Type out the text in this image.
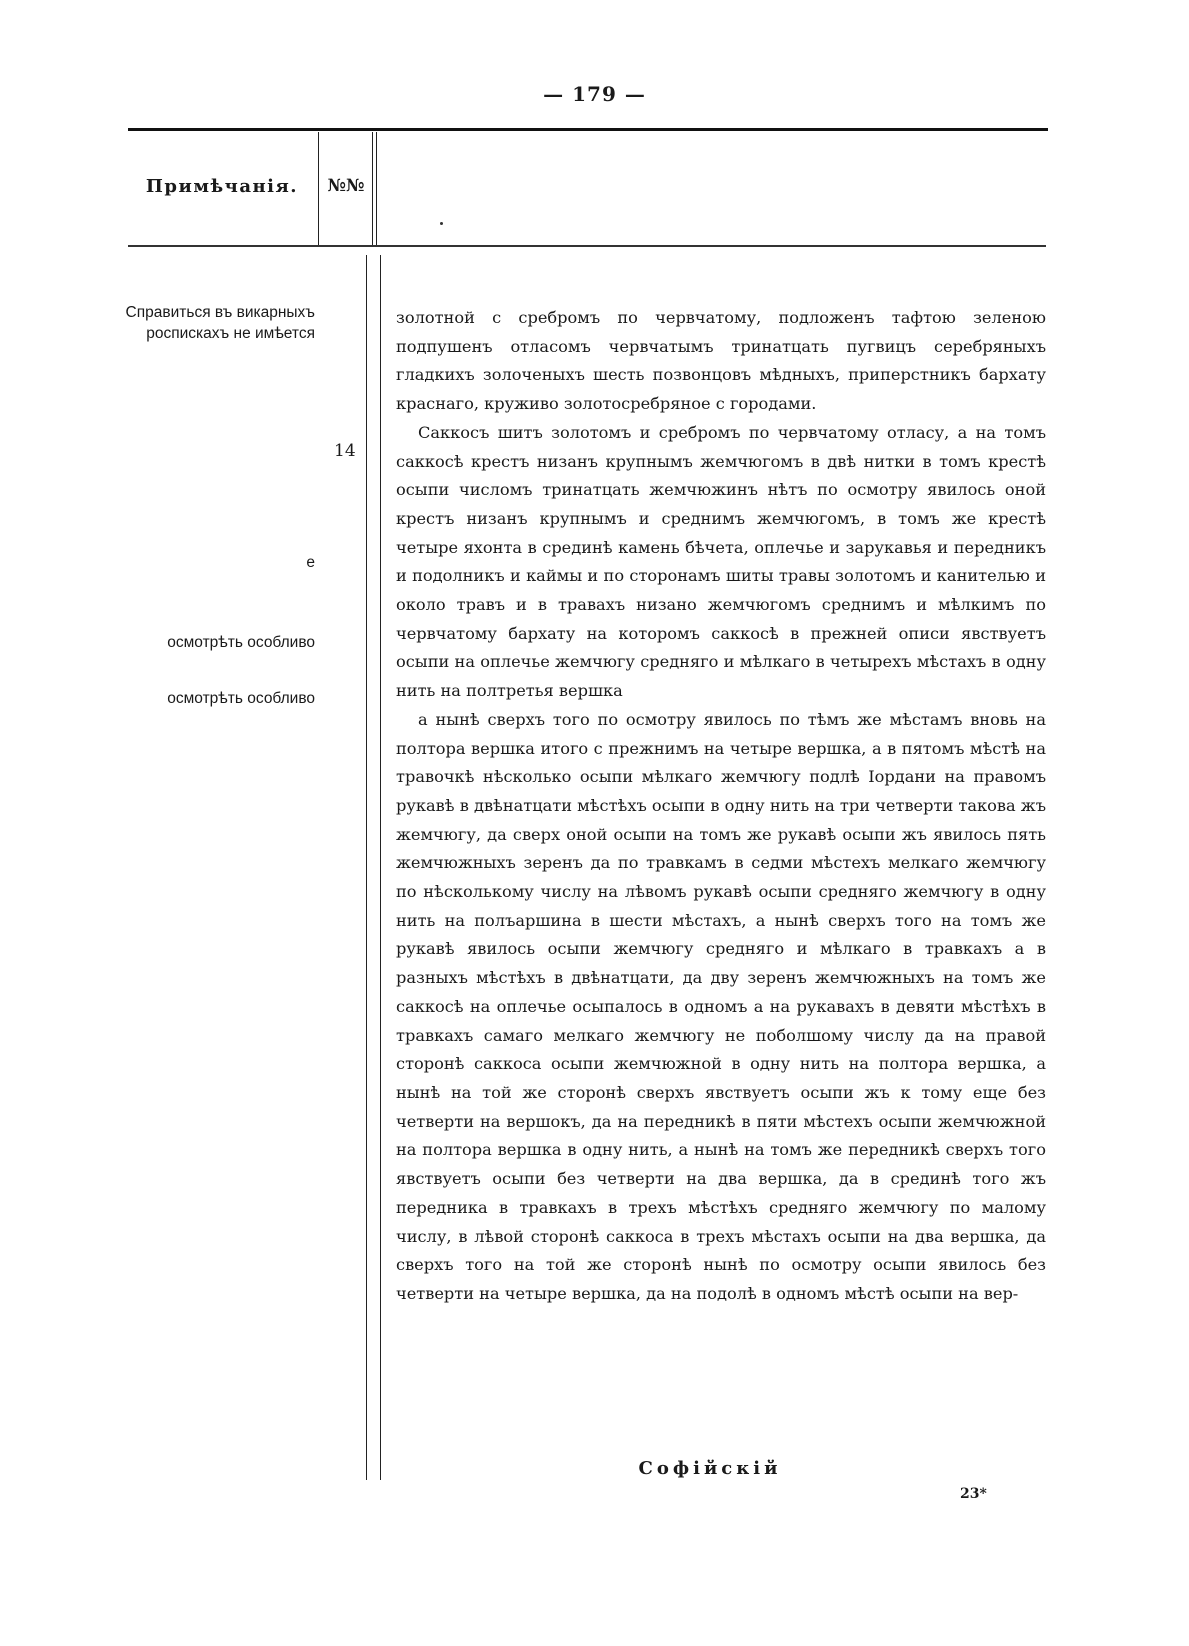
— 179 —
Примѣчанія.	№№
Справиться въ викарныхъ роспискахъ не имѣется
е
осмотрѣть особливо
осмотрѣть особливо
14

золотной с сребромъ по червчатому, подложенъ тафтою зеленою подпушенъ отласомъ червчатымъ тринатцать пугвицъ серебряныхъ гладкихъ золоченыхъ шесть позвонцовъ мѣдныхъ, приперстникъ бархату краснаго, круживо золотосребряное с городами.

Саккосъ шитъ золотомъ и сребромъ по червчатому отласу, а на томъ саккосѣ крестъ низанъ крупнымъ жемчюгомъ в двѣ нитки в томъ крестѣ осыпи числомъ тринатцать жемчюжинъ нѣтъ по осмотру явилось оной крестъ низанъ крупнымъ и среднимъ жемчюгомъ, в томъ же крестѣ четыре яхонта в срединѣ камень бѣчета, оплечье и зарукавья и передникъ и подолникъ и каймы и по сторонамъ шиты травы золотомъ и канителью и около травъ и в травахъ низано жемчюгомъ среднимъ и мѣлкимъ по червчатому бархату на которомъ саккосѣ в прежней описи явствуетъ осыпи на оплечье жемчюгу средняго и мѣлкаго в четырехъ мѣстахъ в одну нить на полтретья вершка

а нынѣ сверхъ того по осмотру явилось по тѣмъ же мѣстамъ вновь на полтора вершка итого с прежнимъ на четыре вершка, а в пятомъ мѣстѣ на травочкѣ нѣсколько осыпи мѣлкаго жемчюгу подлѣ Іордани на правомъ рукавѣ в двѣнатцати мѣстѣхъ осыпи в одну нить на три четверти такова жъ жемчюгу, да сверх оной осыпи на томъ же рукавѣ осыпи жъ явилось пять жемчюжныхъ зеренъ да по травкамъ в седми мѣстехъ мелкаго жемчюгу по нѣсколькому числу на лѣвомъ рукавѣ осыпи средняго жемчюгу в одну нить на полъаршина в шести мѣстахъ, а нынѣ сверхъ того на томъ же рукавѣ явилось осыпи жемчюгу средняго и мѣлкаго в травкахъ а в разныхъ мѣстѣхъ в двѣнатцати, да дву зеренъ жемчюжныхъ на томъ же саккосѣ на оплечье осыпалось в одномъ а на рукавахъ в девяти мѣстѣхъ в травкахъ самаго мелкаго жемчюгу не поболшому числу да на правой сторонѣ саккоса осыпи жемчюжной в одну нить на полтора вершка, а нынѣ на той же сторонѣ сверхъ явствуетъ осыпи жъ к тому еще без четверти на вершокъ, да на передникѣ в пяти мѣстехъ осыпи жемчюжной на полтора вершка в одну нить, а нынѣ на томъ же передникѣ сверхъ того явствуетъ осыпи без четверти на два вершка, да в срединѣ того жъ передника в травкахъ в трехъ мѣстѣхъ средняго жемчюгу по малому числу, в лѣвой сторонѣ саккоса в трехъ мѣстахъ осыпи на два вершка, да сверхъ того на той же сторонѣ нынѣ по осмотру осыпи явилось без четверти на четыре вершка, да на подолѣ в одномъ мѣстѣ осыпи на вер-

Софійскій
23*
